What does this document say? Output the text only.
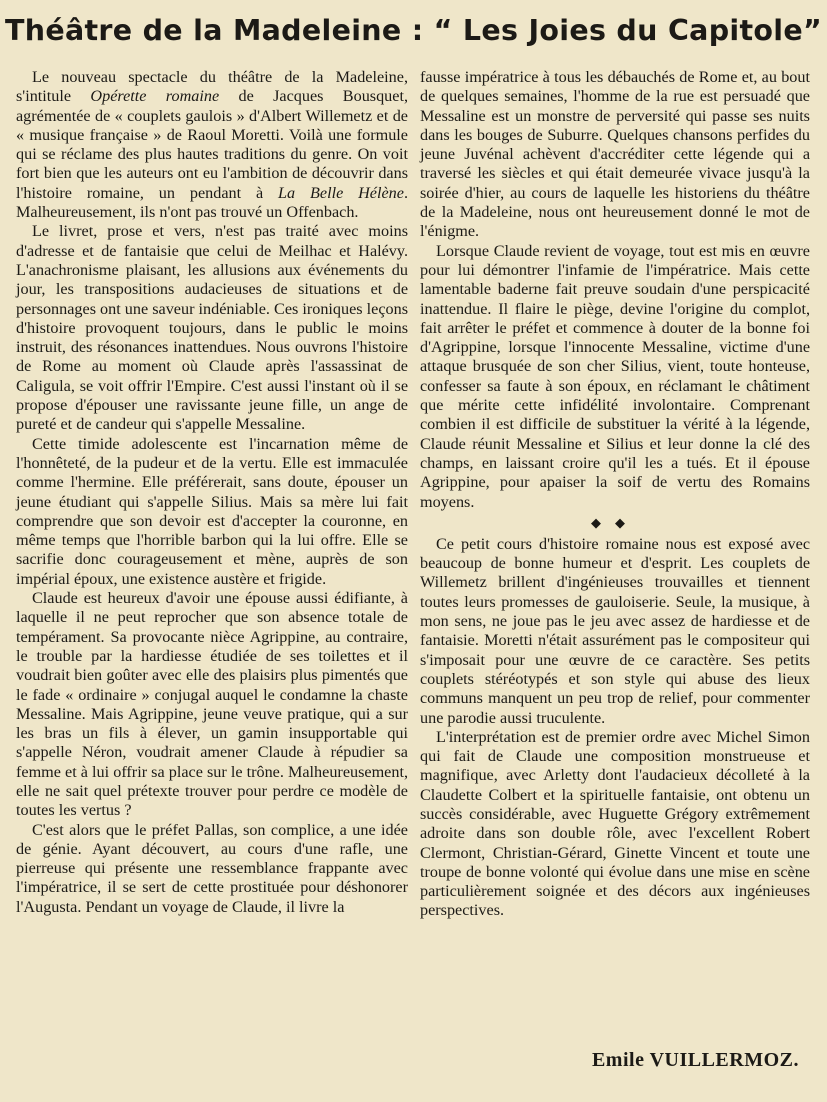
Théâtre de la Madeleine : “ Les Joies du Capitole”

Le nouveau spectacle du théâtre de la Madeleine, s'intitule Opérette romaine de Jacques Bousquet, agrémentée de « couplets gaulois » d'Albert Willemetz et de « musique française » de Raoul Moretti. Voilà une formule qui se réclame des plus hautes traditions du genre. On voit fort bien que les auteurs ont eu l'ambition de découvrir dans l'histoire romaine, un pendant à La Belle Hélène. Malheureusement, ils n'ont pas trouvé un Offenbach.

Le livret, prose et vers, n'est pas traité avec moins d'adresse et de fantaisie que celui de Meilhac et Halévy. L'anachronisme plaisant, les allusions aux événements du jour, les transpositions audacieuses de situations et de personnages ont une saveur indéniable. Ces ironiques leçons d'histoire provoquent toujours, dans le public le moins instruit, des résonances inattendues. Nous ouvrons l'histoire de Rome au moment où Claude après l'assassinat de Caligula, se voit offrir l'Empire. C'est aussi l'instant où il se propose d'épouser une ravissante jeune fille, un ange de pureté et de candeur qui s'appelle Messaline.

Cette timide adolescente est l'incarnation même de l'honnêteté, de la pudeur et de la vertu. Elle est immaculée comme l'hermine. Elle préférerait, sans doute, épouser un jeune étudiant qui s'appelle Silius. Mais sa mère lui fait comprendre que son devoir est d'accepter la couronne, en même temps que l'horrible barbon qui la lui offre. Elle se sacrifie donc courageusement et mène, auprès de son impérial époux, une existence austère et frigide.

Claude est heureux d'avoir une épouse aussi édifiante, à laquelle il ne peut reprocher que son absence totale de tempérament. Sa provocante nièce Agrippine, au contraire, le trouble par la hardiesse étudiée de ses toilettes et il voudrait bien goûter avec elle des plaisirs plus pimentés que le fade « ordinaire » conjugal auquel le condamne la chaste Messaline. Mais Agrippine, jeune veuve pratique, qui a sur les bras un fils à élever, un gamin insupportable qui s'appelle Néron, voudrait amener Claude à répudier sa femme et à lui offrir sa place sur le trône. Malheureusement, elle ne sait quel prétexte trouver pour perdre ce modèle de toutes les vertus ?

C'est alors que le préfet Pallas, son complice, a une idée de génie. Ayant découvert, au cours d'une rafle, une pierreuse qui présente une ressemblance frappante avec l'impératrice, il se sert de cette prostituée pour déshonorer l'Augusta. Pendant un voyage de Claude, il livre la

fausse impératrice à tous les débauchés de Rome et, au bout de quelques semaines, l'homme de la rue est persuadé que Messaline est un monstre de perversité qui passe ses nuits dans les bouges de Suburre. Quelques chansons perfides du jeune Juvénal achèvent d'accréditer cette légende qui a traversé les siècles et qui était demeurée vivace jusqu'à la soirée d'hier, au cours de laquelle les historiens du théâtre de la Madeleine, nous ont heureusement donné le mot de l'énigme.

Lorsque Claude revient de voyage, tout est mis en œuvre pour lui démontrer l'infamie de l'impératrice. Mais cette lamentable baderne fait preuve soudain d'une perspicacité inattendue. Il flaire le piège, devine l'origine du complot, fait arrêter le préfet et commence à douter de la bonne foi d'Agrippine, lorsque l'innocente Messaline, victime d'une attaque brusquée de son cher Silius, vient, toute honteuse, confesser sa faute à son époux, en réclamant le châtiment que mérite cette infidélité involontaire. Comprenant combien il est difficile de substituer la vérité à la légende, Claude réunit Messaline et Silius et leur donne la clé des champs, en laissant croire qu'il les a tués. Et il épouse Agrippine, pour apaiser la soif de vertu des Romains moyens.

◆◆

Ce petit cours d'histoire romaine nous est exposé avec beaucoup de bonne humeur et d'esprit. Les couplets de Willemetz brillent d'ingénieuses trouvailles et tiennent toutes leurs promesses de gauloiserie. Seule, la musique, à mon sens, ne joue pas le jeu avec assez de hardiesse et de fantaisie. Moretti n'était assurément pas le compositeur qui s'imposait pour une œuvre de ce caractère. Ses petits couplets stéréotypés et son style qui abuse des lieux communs manquent un peu trop de relief, pour commenter une parodie aussi truculente.

L'interprétation est de premier ordre avec Michel Simon qui fait de Claude une composition monstrueuse et magnifique, avec Arletty dont l'audacieux décolleté à la Claudette Colbert et la spirituelle fantaisie, ont obtenu un succès considérable, avec Huguette Grégory extrêmement adroite dans son double rôle, avec l'excellent Robert Clermont, Christian-Gérard, Ginette Vincent et toute une troupe de bonne volonté qui évolue dans une mise en scène particulièrement soignée et des décors aux ingénieuses perspectives.

Emile VUILLERMOZ.
